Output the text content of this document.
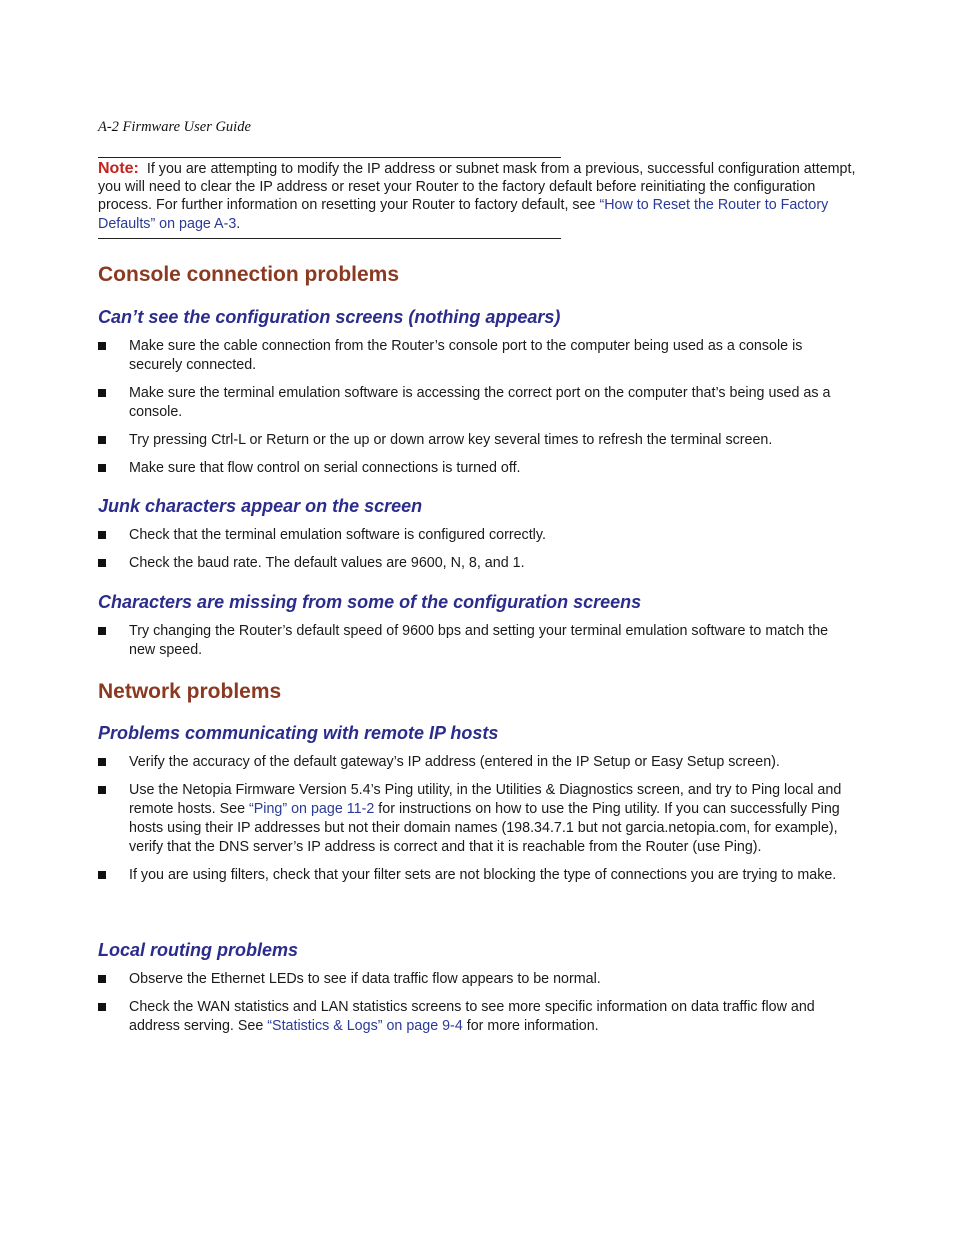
A-2 Firmware User Guide
Note: If you are attempting to modify the IP address or subnet mask from a previous, successful configuration attempt, you will need to clear the IP address or reset your Router to the factory default before reinitiating the configuration process. For further information on resetting your Router to factory default, see “How to Reset the Router to Factory Defaults” on page A-3.
Console connection problems
Can’t see the configuration screens (nothing appears)
Make sure the cable connection from the Router’s console port to the computer being used as a console is securely connected.
Make sure the terminal emulation software is accessing the correct port on the computer that’s being used as a console.
Try pressing Ctrl-L or Return or the up or down arrow key several times to refresh the terminal screen.
Make sure that flow control on serial connections is turned off.
Junk characters appear on the screen
Check that the terminal emulation software is configured correctly.
Check the baud rate. The default values are 9600, N, 8, and 1.
Characters are missing from some of the configuration screens
Try changing the Router’s default speed of 9600 bps and setting your terminal emulation software to match the new speed.
Network problems
Problems communicating with remote IP hosts
Verify the accuracy of the default gateway’s IP address (entered in the IP Setup or Easy Setup screen).
Use the Netopia Firmware Version 5.4’s Ping utility, in the Utilities & Diagnostics screen, and try to Ping local and remote hosts. See “Ping” on page 11-2 for instructions on how to use the Ping utility. If you can successfully Ping hosts using their IP addresses but not their domain names (198.34.7.1 but not garcia.netopia.com, for example), verify that the DNS server’s IP address is correct and that it is reachable from the Router (use Ping).
If you are using filters, check that your filter sets are not blocking the type of connections you are trying to make.
Local routing problems
Observe the Ethernet LEDs to see if data traffic flow appears to be normal.
Check the WAN statistics and LAN statistics screens to see more specific information on data traffic flow and address serving. See “Statistics & Logs” on page 9-4 for more information.
